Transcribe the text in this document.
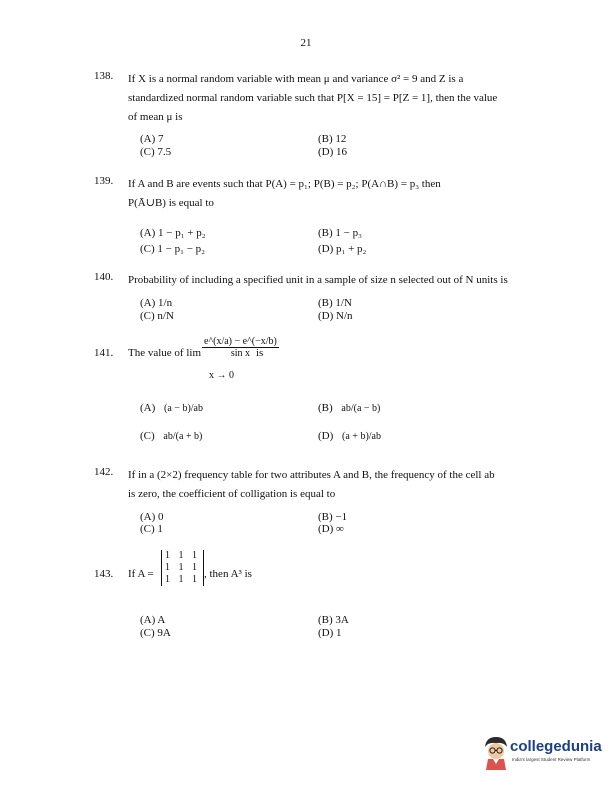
21
138. If X is a normal random variable with mean μ and variance σ² = 9 and Z is a
standardized normal random variable such that P[X = 15] = P[Z = 1], then the value
of mean μ is
(A) 7	(B) 12
(C) 7.5	(D) 16
139. If A and B are events such that P(A) = p₁; P(B) = p₂; P(A∩B) = p₃ then
P(Ā∪B) is equal to
(A) 1 − p₁ + p₂	(B) 1 − p₃
(C) 1 − p₁ − p₂	(D) p₁ + p₂
140. Probability of including a specified unit in a sample of size n selected out of N units is
(A) 1/n	(B) 1/N
(C) n/N	(D) N/n
141. The value of $\lim \frac{e\^{}(x/a) - e\^{}(-x/b)}{\text{sin x}}$
is
x → 0
(A) (a − b)/ab	(B) ab/(a − b)
(C) ab/(a + b)	(D) (a + b)/ab
142. If in a (2×2) frequency table for two attributes A and B, the frequency of the cell ab
is zero, the coefficient of colligation is equal to
(A) 0	(B) −1
(C) 1	(D) ∞
143. If A =
1 1 1
1 1 1
1 1 1 , then A³ is
(A) A	(B) 3A
(C) 9A	(D) 1
collegedunia
India's largest Student Review Platform
